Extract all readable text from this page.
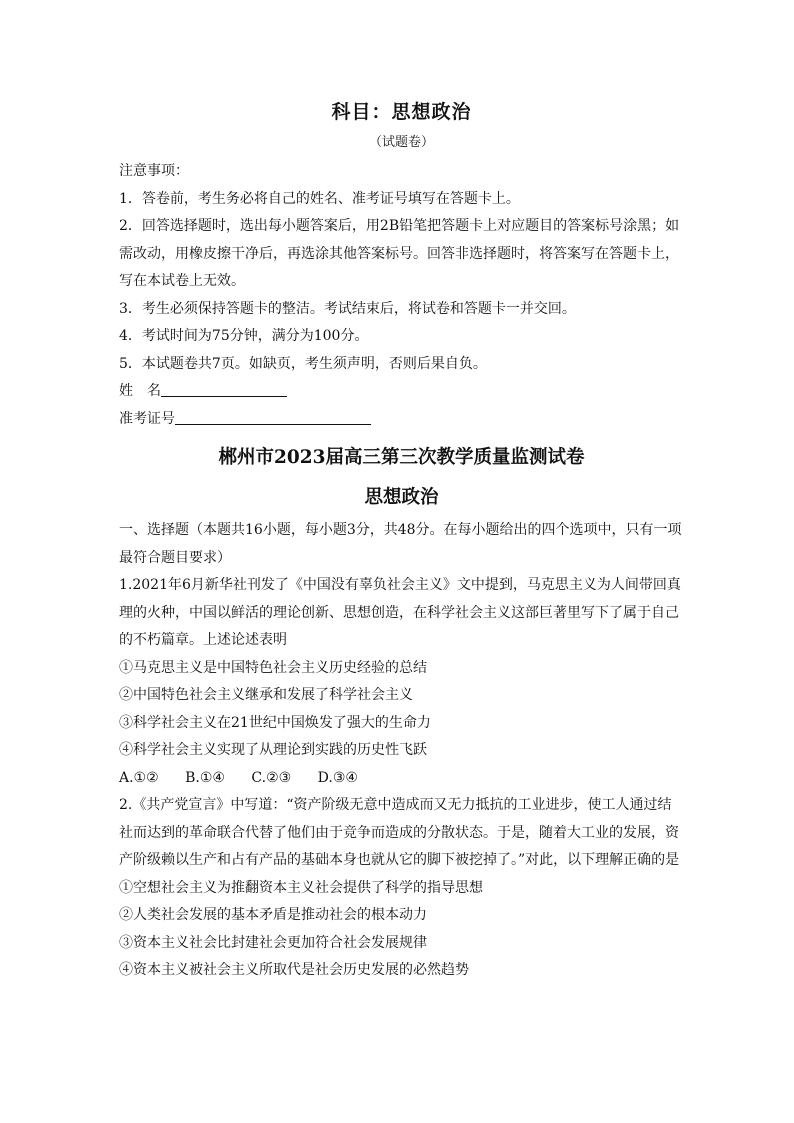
科目：思想政治
（试题卷）
注意事项：
1．答卷前，考生务必将自己的姓名、准考证号填写在答题卡上。
2．回答选择题时，选出每小题答案后，用2B铅笔把答题卡上对应题目的答案标号涂黑；如需改动，用橡皮擦干净后，再选涂其他答案标号。回答非选择题时，将答案写在答题卡上，写在本试卷上无效。
3．考生必须保持答题卡的整洁。考试结束后，将试卷和答题卡一并交回。
4．考试时间为75分钟，满分为100分。
5．本试题卷共7页。如缺页，考生须声明，否则后果自负。
姓　名
准考证号
郴州市2023届高三第三次教学质量监测试卷
思想政治
一、选择题（本题共16小题，每小题3分，共48分。在每小题给出的四个选项中，只有一项最符合题目要求）
1.2021年6月新华社刊发了《中国没有辜负社会主义》文中提到，马克思主义为人间带回真理的火种，中国以鲜活的理论创新、思想创造，在科学社会主义这部巨著里写下了属于自己的不朽篇章。上述论述表明
①马克思主义是中国特色社会主义历史经验的总结
②中国特色社会主义继承和发展了科学社会主义
③科学社会主义在21世纪中国焕发了强大的生命力
④科学社会主义实现了从理论到实践的历史性飞跃
A.①② B.①④ C.②③ D.③④
2.《共产党宣言》中写道：“资产阶级无意中造成而又无力抵抗的工业进步，使工人通过结社而达到的革命联合代替了他们由于竞争而造成的分散状态。于是，随着大工业的发展，资产阶级赖以生产和占有产品的基础本身也就从它的脚下被挖掉了。”对此，以下理解正确的是
①空想社会主义为推翻资本主义社会提供了科学的指导思想
②人类社会发展的基本矛盾是推动社会的根本动力
③资本主义社会比封建社会更加符合社会发展规律
④资本主义被社会主义所取代是社会历史发展的必然趋势
